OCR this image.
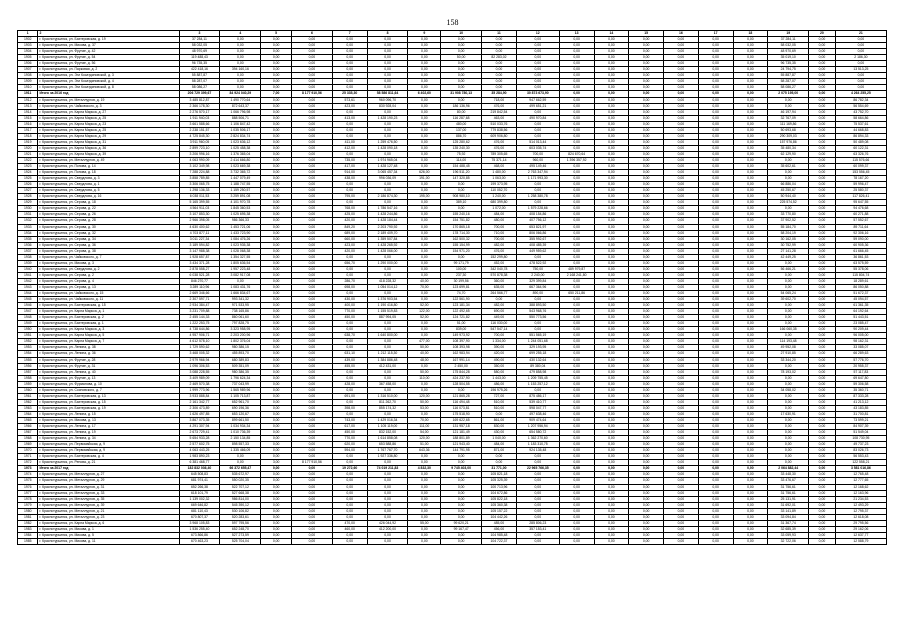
158
1	2	3	4	5	6	7	8	9	10	11	12	13	14	15	16	17	18	19	20	21
1902	г. Краснотурьинск, ул. Бахтеровская, д. 19	37 284,11	0,00	0,00	0,00	0,00	0,00	0,00	0,00	0,00	0,00	0,00	0,00	0,00	0,00	0,00	0,00	37 284,11	0,00	0,00
1903	г. Краснотурьинск, ул. Микова, д. 37	58 032,05	0,00	0,00	0,00	0,00	0,00	0,00	0,00	0,00	0,00	0,00	0,00	0,00	0,00	0,00	0,00	58 032,05	0,00	0,00
1904	г. Краснотурьинск, ул. Фрунзе, д. 42	48 970,69	0,00	0,00	0,00	0,00	0,00	0,00	0,00	0,00	0,00	0,00	0,00	0,00	0,00	0,00	0,00	48 970,69	0,00	0,00
1905	г. Краснотурьинск, ул. Фрунзе, д. 54	119 488,43	0,00	0,00	0,00	0,00	0,00	0,00	50,00	82 283,02	0,00	0,00	0,00	0,00	0,00	0,00	0,00	35 019,10	0,00	2 186,30
1906	г. Краснотурьинск, ул. Фрунзе, д. 56	96 735,35	0,00	0,00	0,00	0,00	0,00	0,00	0,00	0,00	0,00	0,00	0,00	0,00	0,00	0,00	0,00	96 735,35	0,00	0,00
1907	г. Краснотурьинск, ул. Парковая, д. 2	422 418,16	394 160,16	0,00	0,00	0,00	0,00	0,00	0,00	0,00	0,00	0,00	0,00	0,00	0,00	0,00	0,00	24 794,75	0,00	13 513,25
1908	г. Краснотурьинск, ул. Эги Косатдиновской, д. 3	55 887,87	0,00	0,00	0,00	0,00	0,00	0,00	0,00	0,00	0,00	0,00	0,00	0,00	0,00	0,00	0,00	55 887,87	0,00	0,00
1909	г. Краснотурьинск, ул. Эги Косатдиновской, д. 4	58 287,07	0,00	0,00	0,00	0,00	0,00	0,00	0,00	0,00	0,00	0,00	0,00	0,00	0,00	0,00	0,00	58 287,07	0,00	0,00
1910	г. Краснотурьинск, ул. Эги Косатдиновской, д. 8	58 086,27	0,00	0,00	0,00	0,00	0,00	0,00	0,00	0,00	0,00	0,00	0,00	0,00	0,00	0,00	0,00	58 086,27	0,00	0,00
1911	Итого за 2016 год	206 729 399,67	84 924 040,29	7,00	8 177 910,56	25 335,30	58 586 811,64	6 402,60	31 908 780,13	35 284,90	30 873 673,90	0,00	0,00	0,00	0,00	0,00	0,00	2 075 195,00	0,00	4 264 255,25
1912	г. Краснотурьинск, ул. Металлургов, д. 19	3 485 812,87	1 490 770,64	0,00	0,00	573,61	960 096,70	0,00	0,00	718,00	947 662,59	0,00	0,00	0,00	0,00	0,00	0,00	0,00	0,00	86 782,34
1913	г. Краснотурьинск, ул. Чайковского, д. 3	2 366 178,30	872 643,37	0,00	0,00	423,00	830 928,04	0,00	186 136,96	476,00	499 651,21	0,00	0,00	0,00	0,00	0,00	0,00	0,00	0,00	56 554,69
1914	г. Краснотурьинск, ул. Карла Маркса, д. 27	2 276 570,17	1 066 796,98	0,00	0,00	0,00	0,00	0,00	80,00	219 842,54	0,00	0,00	0,00	0,00	0,00	0,00	0,00	46 197,94	0,00	43 752,70
1915	г. Краснотурьинск, ул. Карла Маркса, д. 25	1 911 940,03	888 506,71	0,00	0,00	413,00	1 428 190,23	0,00	116 287,68	463,00	490 970,84	0,00	0,00	0,00	0,00	0,00	0,00	32 767,09	0,00	58 664,86
1916	г. Краснотурьинск, ул. Карла Маркса, д. 23	3 661 588,66	1 106 847,42	0,00	0,00	0,00	0,00	0,00	480,00	510 033,76	0,00	0,00	0,00	0,00	0,00	0,00	0,00	111 169,86	0,00	75 537,61
1917	г. Краснотурьинск, ул. Карла Маркса, д. 25	2 238 151,57	1 035 506,17	0,00	0,00	0,00	0,00	0,00	137,00	779 838,56	0,00	0,00	0,00	0,00	0,00	0,00	0,00	50 693,68	0,00	44 668,83
1918	г. Краснотурьинск, ул. Карла Маркса, д. 29	4 725 845,30	2 824 834,74	0,00	0,00	0,00	0,00	0,00	886,70	609 906,80	0,00	0,00	0,00	0,00	0,00	0,00	0,00	290 309,03	0,00	86 894,33
1919	г. Краснотурьинск, ул. Карла Маркса, д. 31	3 911 960,05	1 023 636,12	0,00	0,00	411,00	1 259 476,50	0,00	125 280,62	476,00	514 013,44	0,00	0,00	0,00	0,00	0,00	0,00	157 976,86	0,00	50 489,08
1920	г. Краснотурьинск, ул. Карла Маркса, д. 36	2 899 723,10	1 025 458,38	0,00	0,00	412,00	1 428 090,18	0,00	135 240,30	476,00	603 035,74	0,00	0,00	0,00	0,00	0,00	0,00	35 480,34	0,00	60 122,31
1921	г. Краснотурьинск, ул. Карла Маркса, д. 39	3 206 996,16	1 376 365,04	0,00	0,00	0,00	0,00	0,00	75,92	789 305,65	700,00	824 670,64	0,00	0,00	0,00	0,00	0,00	62 129,90	0,00	63 326,76
1922	г. Краснотурьинск, ул. Металлургов, д. 49	4 063 990,09	2 414 666,80	0,00	0,00	735,00	1 974 965,04	0,00	114,00	75 371,14	960,00	1 396 357,92	0,00	0,00	0,00	0,00	0,00	0,00	0,00	115 576,66
1923	г. Краснотурьинск, ул. Попова, д. 14	3 102 349,98	1 023 669,38	0,00	0,00	417,00	1 428 127,48	0,00	154 488,45	468,00	495 149,46	0,00	0,00	0,00	0,00	0,00	0,00	35 602,61	0,00	60 099,37
1924	г. Краснотурьинск, ул. Попова, д. 18	7 288 224,88	3 732 365,72	0,00	0,00	914,00	3 065 457,34	626,00	196 511,20	1 480,00	2 763 347,94	0,00	0,00	0,00	0,00	0,00	0,00	0,00	0,00	153 556,45
1925	г. Краснотурьинск, ул. Свердлова, д. 3	3 858 789,85	1 447 079,49	0,00	0,00	438,00	996 036,09	191,00	147 320,85	1 063,00	1 171 993,30	0,00	0,00	0,00	0,00	0,00	0,00	0,00	0,00	78 167,20
1926	г. Краснотурьинск, ул. Свердлова, д. 1	3 306 065,75	1 188 747,55	0,00	0,00	0,00	0,00	0,00	0,00	199 373,95	0,00	0,00	0,00	0,00	0,00	0,00	0,00	66 886,04	0,00	59 996,47
1927	г. Краснотурьинск, ул. Свердлова, д. 5	1 298 136,33	1 159 250,57	0,00	0,00	0,00	0,00	0,00	0,00	110 052,70	0,00	0,00	0,00	0,00	0,00	0,00	0,00	45 250,67	0,00	25 580,37
1928	г. Краснотурьинск, ул. Свердлова, д. 16	6 038 011,53	3 259 891,08	0,00	0,00	795,00	2 186 874,30	195,00	908 980,10	1 240,00	1 258 380,78	0,00	0,00	0,00	0,00	0,00	0,00	50 944,40	0,00	117 826,41
1929	г. Краснотурьинск, ул. Серова, д. 18	5 165 399,55	4 101 970,78	0,00	0,00	0,00	0,00	0,00	389,10	680 399,80	0,00	0,00	0,00	0,00	0,00	0,00	0,00	225 574,52	0,00	95 647,55
1930	г. Краснотурьинск, ул. Серова, д. 22	4 564 911,03	1 845 360,53	0,00	0,00	768,00	1 786 547,16	0,00	0,00	1 072,00	1 579 228,66	0,00	0,00	0,00	0,00	0,00	0,00	0,00	0,00	94 476,68
1931	г. Краснотурьинск, ул. Серова, д. 26	3 107 853,30	1 025 695,38	0,00	0,00	425,00	1 428 244,86	0,00	155 240,16	484,00	408 154,86	0,00	0,00	0,00	0,00	0,00	0,00	33 770,80	0,00	60 271,88
1932	г. Краснотурьинск, ул. Серова, д. 28	2 966 398,05	986 366,33	0,00	0,00	420,00	1 428 184,44	0,00	154 751,82	480,00	407 756,12	0,00	0,00	0,00	0,00	0,00	0,00	37 902,52	0,00	57 552,67
1933	г. Краснотурьинск, ул. Серова, д. 30	4 630 400,62	1 453 721,06	0,00	0,00	849,20	2 203 790,92	0,00	170 865,18	700,00	653 821,97	0,00	0,00	0,00	0,00	0,00	0,00	55 184,70	0,00	89 711,64
1934	г. Краснотурьинск, ул. Серова, д. 32	4 703 877,11	1 433 723,90	0,00	0,00	689,00	2 189 409,70	0,00	178 714,30	710,00	806 066,86	0,00	0,00	0,00	0,00	0,00	0,00	58 204,19	0,00	92 306,16
1935	г. Краснотурьинск, ул. Серова, д. 34	3 011 227,34	1 084 476,26	0,00	0,00	660,00	1 359 507,84	0,00	162 500,32	700,00	355 992,67	0,00	0,00	0,00	0,00	0,00	0,00	30 162,05	0,00	59 090,00
1936	г. Краснотурьинск, ул. Серова, д. 36	3 189 594,82	1 023 935,38	0,00	0,00	423,00	1 428 265,92	0,00	155 154,99	482,00	408 485,39	0,00	0,00	0,00	0,00	0,00	0,00	30 752,99	0,00	60 905,36
1937	г. Краснотурьинск, ул. Серова, д. 38	3 147 988,38	1 028 068,38	0,00	0,00	420,00	1 428 066,00	0,00	154 971,20	476,00	449 959,62	0,00	0,00	0,00	0,00	0,00	0,00	27 141,28	0,00	61 666,45
1938	г. Краснотурьинск, ул. Чайковского, д. 7	1 928 657,87	1 354 327,55	0,00	0,00	0,00	0,00	0,00	0,00	152 299,80	0,00	0,00	0,00	0,00	0,00	0,00	0,00	42 449,25	0,00	36 861,53
1939	г. Краснотурьинск, ул. Микова, д. 3	3 434 371,28	1 805 636,54	0,00	0,00	656,70	1 290 000,00	0,00	99 171,79	452,00	478 522,92	0,00	0,00	0,00	0,00	0,00	0,00	0,00	0,00	63 575,59
1940	г. Краснотурьинск, ул. Свердлова, д. 2	2 878 558,27	1 957 223,48	0,00	0,00	0,00	0,00	0,00	100,00	342 040,78	750,00	489 979,87	0,00	0,00	0,00	0,00	0,00	56 466,21	0,00	55 378,06
1941	г. Краснотурьинск, ул. Серова, д. 2	6 038 521,28	3 082 917,08	0,00	0,00	0,00	0,00	0,00	237,30	570 878,38	2 240,00	2 168 241,80	0,00	0,00	0,00	0,00	0,00	0,00	0,00	115 804,74
1942	г. Краснотурьинск, ул. Серова, д. 4	846 270,77	0,00	0,00	0,00	286,70	418 228,32	40,00	30 199,56	360,00	329 399,84	0,00	0,00	0,00	0,00	0,00	0,00	0,00	0,00	18 289,61
1943	г. Краснотурьинск, ул. Серова, д. 13	3 289 110,96	1 083 431,76	0,00	0,00	698,00	1 054 014,12	70,00	123 699,81	635,00	667 364,96	0,00	0,00	0,00	0,00	0,00	0,00	0,00	0,00	86 050,88
1944	г. Краснотурьинск, ул. Чайковского, д. 15	2 669 346,66	1 666 834,67	0,00	0,00	0,00	0,00	0,00	74,70	264 566,77	890,00	650 211,86	0,00	0,00	0,00	0,00	0,00	54 065,24	0,00	51 672,37
1945	г. Краснотурьинск, ул. Чайковского, д. 11	2 307 597,71	993 341,32	0,00	0,00	430,00	1 376 903,54	0,00	122 561,90	0,00	0,00	0,00	0,00	0,00	0,00	0,00	0,00	39 602,70	0,00	45 094,57
1946	г. Краснотурьинск, ул. Бахтеровская, д. 15	2 934 384,47	971 533,95	0,00	0,00	400,00	1 190 416,80	52,00	123 181,34	482,00	388 893,50	0,00	0,00	0,00	0,00	0,00	0,00	0,00	0,00	61 361,35
1947	г. Краснотурьинск, ул. Карла Маркса, д. 1	3 231 709,88	738 165,86	0,00	0,00	770,00	1 155 519,83	122,00	122 492,65	690,00	543 968,76	0,00	0,00	0,00	0,00	0,00	0,00	0,00	0,00	64 192,64
1948	г. Краснотурьинск, ул. Бахтеровская, д. 2	2 455 144,33	860 061,60	0,00	0,00	450,00	887 994,05	52,00	124 721,82	449,00	550 773,56	0,00	0,00	0,00	0,00	0,00	0,00	0,00	0,00	51 443,51
1949	г. Краснотурьинск, ул. Бахтеровская, д. 1	1 222 253,75	797 828,75	0,00	0,00	0,00	0,00	0,00	51,00	116 030,00	0,00	0,00	0,00	0,00	0,00	0,00	0,00	0,00	0,00	23 085,47
1950	г. Краснотурьинск, ул. Карла Маркса, д. 3	4 738 644,86	3 323 958,95	0,00	0,00	0,00	0,00	0,00	839,00	547 547,14	0,00	0,00	0,00	0,00	0,00	0,00	0,00	166 060,35	0,00	90 209,44
1951	г. Краснотурьинск, ул. Карла Маркса, д. 5	4 957 906,71	2 203 200,96	0,00	0,00	638,70	1 640 800,00	0,00	149 973,92	700,00	551 565,19	0,00	0,00	0,00	0,00	0,00	0,00	0,00	0,00	96 005,00
1952	г. Краснотурьинск, ул. Карла Маркса, д. 7	4 612 578,10	1 802 376,04	0,00	0,00	0,00	0,00	477,00	108 397,90	1 334,00	1 244 051,68	0,00	0,00	0,00	0,00	0,00	0,00	114 193,48	0,00	98 162,31
1953	г. Краснотурьинск, ул. Ленина, д. 38	1 729 590,62	980 386,15	0,00	0,00	0,00	0,00	50,00	108 393,98	390,00	329 193,95	0,00	0,00	0,00	0,00	0,00	0,00	49 952,08	0,00	33 085,07
1954	г. Краснотурьинск, ул. Ленина, д. 36	3 468 005,32	455 893,70	0,00	0,00	631,10	1 212 115,30	40,00	162 983,94	420,00	699 255,18	0,00	0,00	0,00	0,00	0,00	0,00	27 910,85	0,00	66 289,63
1955	г. Краснотурьинск, ул. Фрунзе, д. 28	2 979 966,94	680 389,83	0,00	0,00	439,00	1 384 886,48	48,00	167 991,14	490,00	430 132,64	0,00	0,00	0,00	0,00	0,00	0,00	33 344,20	0,00	57 776,70
1956	г. Краснотурьинск, ул. Фрунзе, д. 31	1 096 306,53	509 351,09	0,00	0,00	455,00	412 431,00	0,00	2 450,00	350,00	89 380,04	0,00	0,00	0,00	0,00	0,00	0,00	0,00	0,00	20 955,37
1957	г. Краснотурьинск, ул. Ленина, д. 40	3 088 228,55	980 386,35	0,00	0,00	0,00	0,00	50,00	175 844,28	580,00	479 858,98	0,00	0,00	0,00	0,00	0,00	0,00	78 193,02	0,00	57 117,83
1958	г. Краснотурьинск, ул. Фрунзе, д. 13	3 409 989,09	1 796 624,34	0,00	0,00	0,00	0,00	110,00	424 237,90	1 443,00	1 209 755,45	0,00	0,00	0,00	0,00	0,00	0,00	0,00	0,00	69 647,80
1959	г. Краснотурьинск, ул. Фурманова, д. 10	2 469 570,38	737 043,99	0,00	0,00	428,00	367 458,00	0,00	128 504,55	486,00	1 153 257,12	0,00	0,00	0,00	0,00	0,00	0,00	0,00	0,00	59 306,58
1960	г. Краснотурьинск, ул. Сосновского, д. 7	1 999 773,96	1 565 989,96	0,00	0,00	0,00	0,00	0,00	0,00	196 975,26	0,00	0,00	0,00	0,00	0,00	0,00	0,00	34 058,02	0,00	35 360,71
1961	г. Краснотурьинск, ул. Бахтеровская, д. 13	3 933 888,84	1 105 713,87	0,00	0,00	691,00	1 316 510,00	120,00	121 865,28	727,00	875 486,17	0,00	0,00	0,00	0,00	0,00	0,00	0,00	0,00	87 333,28
1962	г. Краснотурьинск, ул. Бахтеровская, д. 15	2 161 342,77	652 961,70	0,00	0,00	0,00	811 262,70	50,00	116 494,48	510,00	539 410,77	0,00	0,00	0,00	0,00	0,00	0,00	0,00	0,00	41 213,12
1963	г. Краснотурьинск, ул. Бахтеровская, д. 19	2 306 473,89	690 196,36	0,00	0,00	398,00	855 174,32	53,00	116 073,81	510,00	598 047,77	0,00	0,00	0,00	0,00	0,00	0,00	0,00	0,00	43 183,85
1964	г. Краснотурьинск, ул. Ленина, д. 15	1 626 497,85	653 120,67	0,00	0,00	0,00	0,00	0,00	175 518,90	0,00	497 638,46	0,00	0,00	0,00	0,00	0,00	0,00	17 630,91	0,00	31 700,81
1965	г. Краснотурьинск, ул. Микова, д. 13	3 867 073,35	899 661,50	0,00	0,00	743,00	1 429 016,34	70,00	169 622,65	861,00	909 474,64	0,00	0,00	0,00	0,00	0,00	0,00	0,00	0,00	73 599,21
1966	г. Краснотурьинск, ул. Ленина, д. 17	4 291 307,94	1 034 934,34	0,00	0,00	617,00	1 105 119,00	111,00	131 957,18	830,00	1 207 956,94	0,00	0,00	0,00	0,00	0,00	0,00	0,00	0,00	84 907,39
1967	г. Краснотурьинск, ул. Ленина, д. 19	2 673 729,41	1 010 736,39	0,00	0,00	450,00	832 152,00	54,00	121 181,49	430,00	654 580,72	0,00	0,00	0,00	0,00	0,00	0,00	0,00	0,00	51 549,04
1968	г. Краснотурьинск, ул. Ленина, д. 34	5 654 933,28	2 150 134,85	0,00	0,00	770,00	1 614 858,08	120,00	188 801,89	1 040,00	1 362 270,60	0,00	0,00	0,00	0,00	0,00	0,00	0,00	0,00	108 730,95
1969	г. Краснотурьинск, ул. Первомайская, д. 9	2 577 602,75	898 557,33	0,00	0,00	620,00	653 588,86	51,00	121 943,40	484,00	1 183 310,75	0,00	0,00	0,00	0,00	0,00	0,00	0,00	0,00	49 737,23
1970	г. Краснотурьинск, ул. Первомайская, д. 9	4 063 443,25	1 335 466,09	0,00	0,00	594,00	1 767 767,70	643,36	144 791,95	871,00	924 135,48	0,00	0,00	0,00	0,00	0,00	0,00	0,00	0,00	83 026,73
1971	г. Краснотурьинск, ул. Бахтеровская, д. 4	1 983 890,23	0,00	0,00	0,00	0,00	1 927 336,80	0,00	0,00	0,00	0,00	0,00	0,00	0,00	0,00	0,00	0,00	0,00	0,00	56 553,43
1972	г. Краснотурьинск, ул. Ренова, д. 21	6 381 468,77	0,00	3,00	8 177 910,56	0,00	0,00	0,00	0,00	0,00	0,00	0,00	0,00	0,00	0,00	0,00	0,00	0,00	0,00	122 558,21
1973	Итого за 2017 год	182 832 036,40	66 372 655,47	0,00	0,00	19 272,60	74 019 211,83	4 832,30	9 745 403,00	31 771,00	22 965 766,35	0,00	0,00	0,00	0,00	0,00	0,00	2 064 882,44	0,00	3 581 016,86
1974	г. Краснотурьинск, ул. Металлургов, д. 27	645 508,83	535 672,97	0,00	0,00	0,00	0,00	0,00	0,00	105 821,18	0,00	0,00	0,00	0,00	0,00	0,00	0,00	33 448,30	0,00	12 765,48
1975	г. Краснотурьинск, ул. Металлургов, д. 29	681 974,41	550 020,35	0,00	0,00	0,00	0,00	0,00	0,00	105 325,39	0,00	0,00	0,00	0,00	0,00	0,00	0,00	33 476,67	0,00	12 777,65
1976	г. Краснотурьинск, ул. Металлургов, д. 31	652 266,38	522 707,12	0,00	0,00	0,00	0,00	0,00	0,00	100 713,96	0,00	0,00	0,00	0,00	0,00	0,00	0,00	31 756,61	0,00	12 168,62
1977	г. Краснотурьинск, ул. Металлургов, д. 33	618 101,79	527 668,38	0,00	0,00	0,00	0,00	0,00	0,00	104 672,86	0,00	0,00	0,00	0,00	0,00	0,00	0,00	31 756,61	0,00	12 163,96
1978	г. Краснотурьинск, ул. Металлургов, д. 35	1 139 002,32	986 814,00	0,00	0,00	0,00	0,00	0,00	0,00	105 822,18	0,00	0,00	0,00	0,00	0,00	0,00	0,00	25 131,91	0,00	21 234,53
1979	г. Краснотурьинск, ул. Металлургов, д. 39	669 646,82	545 390,12	0,00	0,00	0,00	0,00	0,00	0,00	105 360,38	0,00	0,00	0,00	0,00	0,00	0,00	0,00	31 692,01	0,00	12 493,29
1980	г. Краснотурьинск, ул. Металлургов, д. 21	681 110,43	530 106,82	0,00	0,00	0,00	0,00	0,00	0,00	105 157,22	0,00	0,00	0,00	0,00	0,00	0,00	0,00	33 141,89	0,00	12 795,37
1981	г. Краснотурьинск, ул. Металлургов, д. 23	670 807,37	520 283,61	0,00	0,00	0,00	0,00	0,00	0,00	104 442,26	0,00	0,00	0,00	0,00	0,00	0,00	0,00	33 094,84	0,00	12 618,08
1982	г. Краснотурьинск, ул. Карла Маркса, д. 6	3 968 105,83	597 795,56	0,00	0,00	470,00	426 044,92	55,00	99 620,21	485,00	285 806,23	0,00	0,00	0,00	0,00	0,00	0,00	31 367,74	0,00	29 795,56
1983	г. Краснотурьинск, ул. Микова, д. 1	1 536 255,40	652 248,70	0,00	0,00	460,00	412 200,00	0,00	99 167,47	456,00	357 153,41	0,00	0,00	0,00	0,00	0,00	0,00	32 685,39	0,00	29 162,06
1984	г. Краснотурьинск, ул. Микова, д. 5	673 866,86	527 273,59	0,00	0,00	0,00	0,00	0,00	0,00	104 985,48	0,00	0,00	0,00	0,00	0,00	0,00	0,00	33 059,93	0,00	12 637,77
1985	г. Краснотурьинск, ул. Микова, д. 11	670 463,23	525 704,04	0,00	0,00	0,00	0,00	0,00	0,00	104 722,37	0,00	0,00	0,00	0,00	0,00	0,00	0,00	32 722,06	0,00	12 588,79
